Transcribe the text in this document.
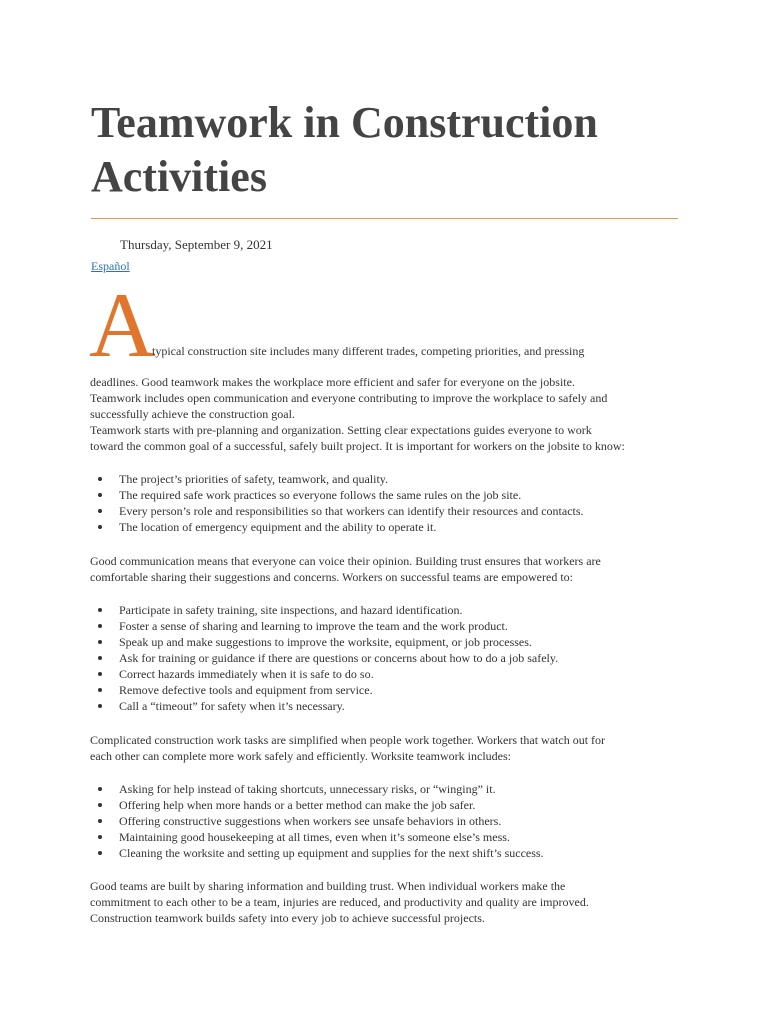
Teamwork in Construction
Activities
Thursday, September 9, 2021
Español
A
typical construction site includes many different trades, competing priorities, and pressing
deadlines. Good teamwork makes the workplace more efficient and safer for everyone on the jobsite.
Teamwork includes open communication and everyone contributing to improve the workplace to safely and
successfully achieve the construction goal.
Teamwork starts with pre-planning and organization. Setting clear expectations guides everyone to work
toward the common goal of a successful, safely built project. It is important for workers on the jobsite to know:
The project’s priorities of safety, teamwork, and quality.
The required safe work practices so everyone follows the same rules on the job site.
Every person’s role and responsibilities so that workers can identify their resources and contacts.
The location of emergency equipment and the ability to operate it.
Good communication means that everyone can voice their opinion. Building trust ensures that workers are
comfortable sharing their suggestions and concerns. Workers on successful teams are empowered to:
Participate in safety training, site inspections, and hazard identification.
Foster a sense of sharing and learning to improve the team and the work product.
Speak up and make suggestions to improve the worksite, equipment, or job processes.
Ask for training or guidance if there are questions or concerns about how to do a job safely.
Correct hazards immediately when it is safe to do so.
Remove defective tools and equipment from service.
Call a “timeout” for safety when it’s necessary.
Complicated construction work tasks are simplified when people work together. Workers that watch out for
each other can complete more work safely and efficiently. Worksite teamwork includes:
Asking for help instead of taking shortcuts, unnecessary risks, or “winging” it.
Offering help when more hands or a better method can make the job safer.
Offering constructive suggestions when workers see unsafe behaviors in others.
Maintaining good housekeeping at all times, even when it’s someone else’s mess.
Cleaning the worksite and setting up equipment and supplies for the next shift’s success.
Good teams are built by sharing information and building trust. When individual workers make the
commitment to each other to be a team, injuries are reduced, and productivity and quality are improved.
Construction teamwork builds safety into every job to achieve successful projects.
